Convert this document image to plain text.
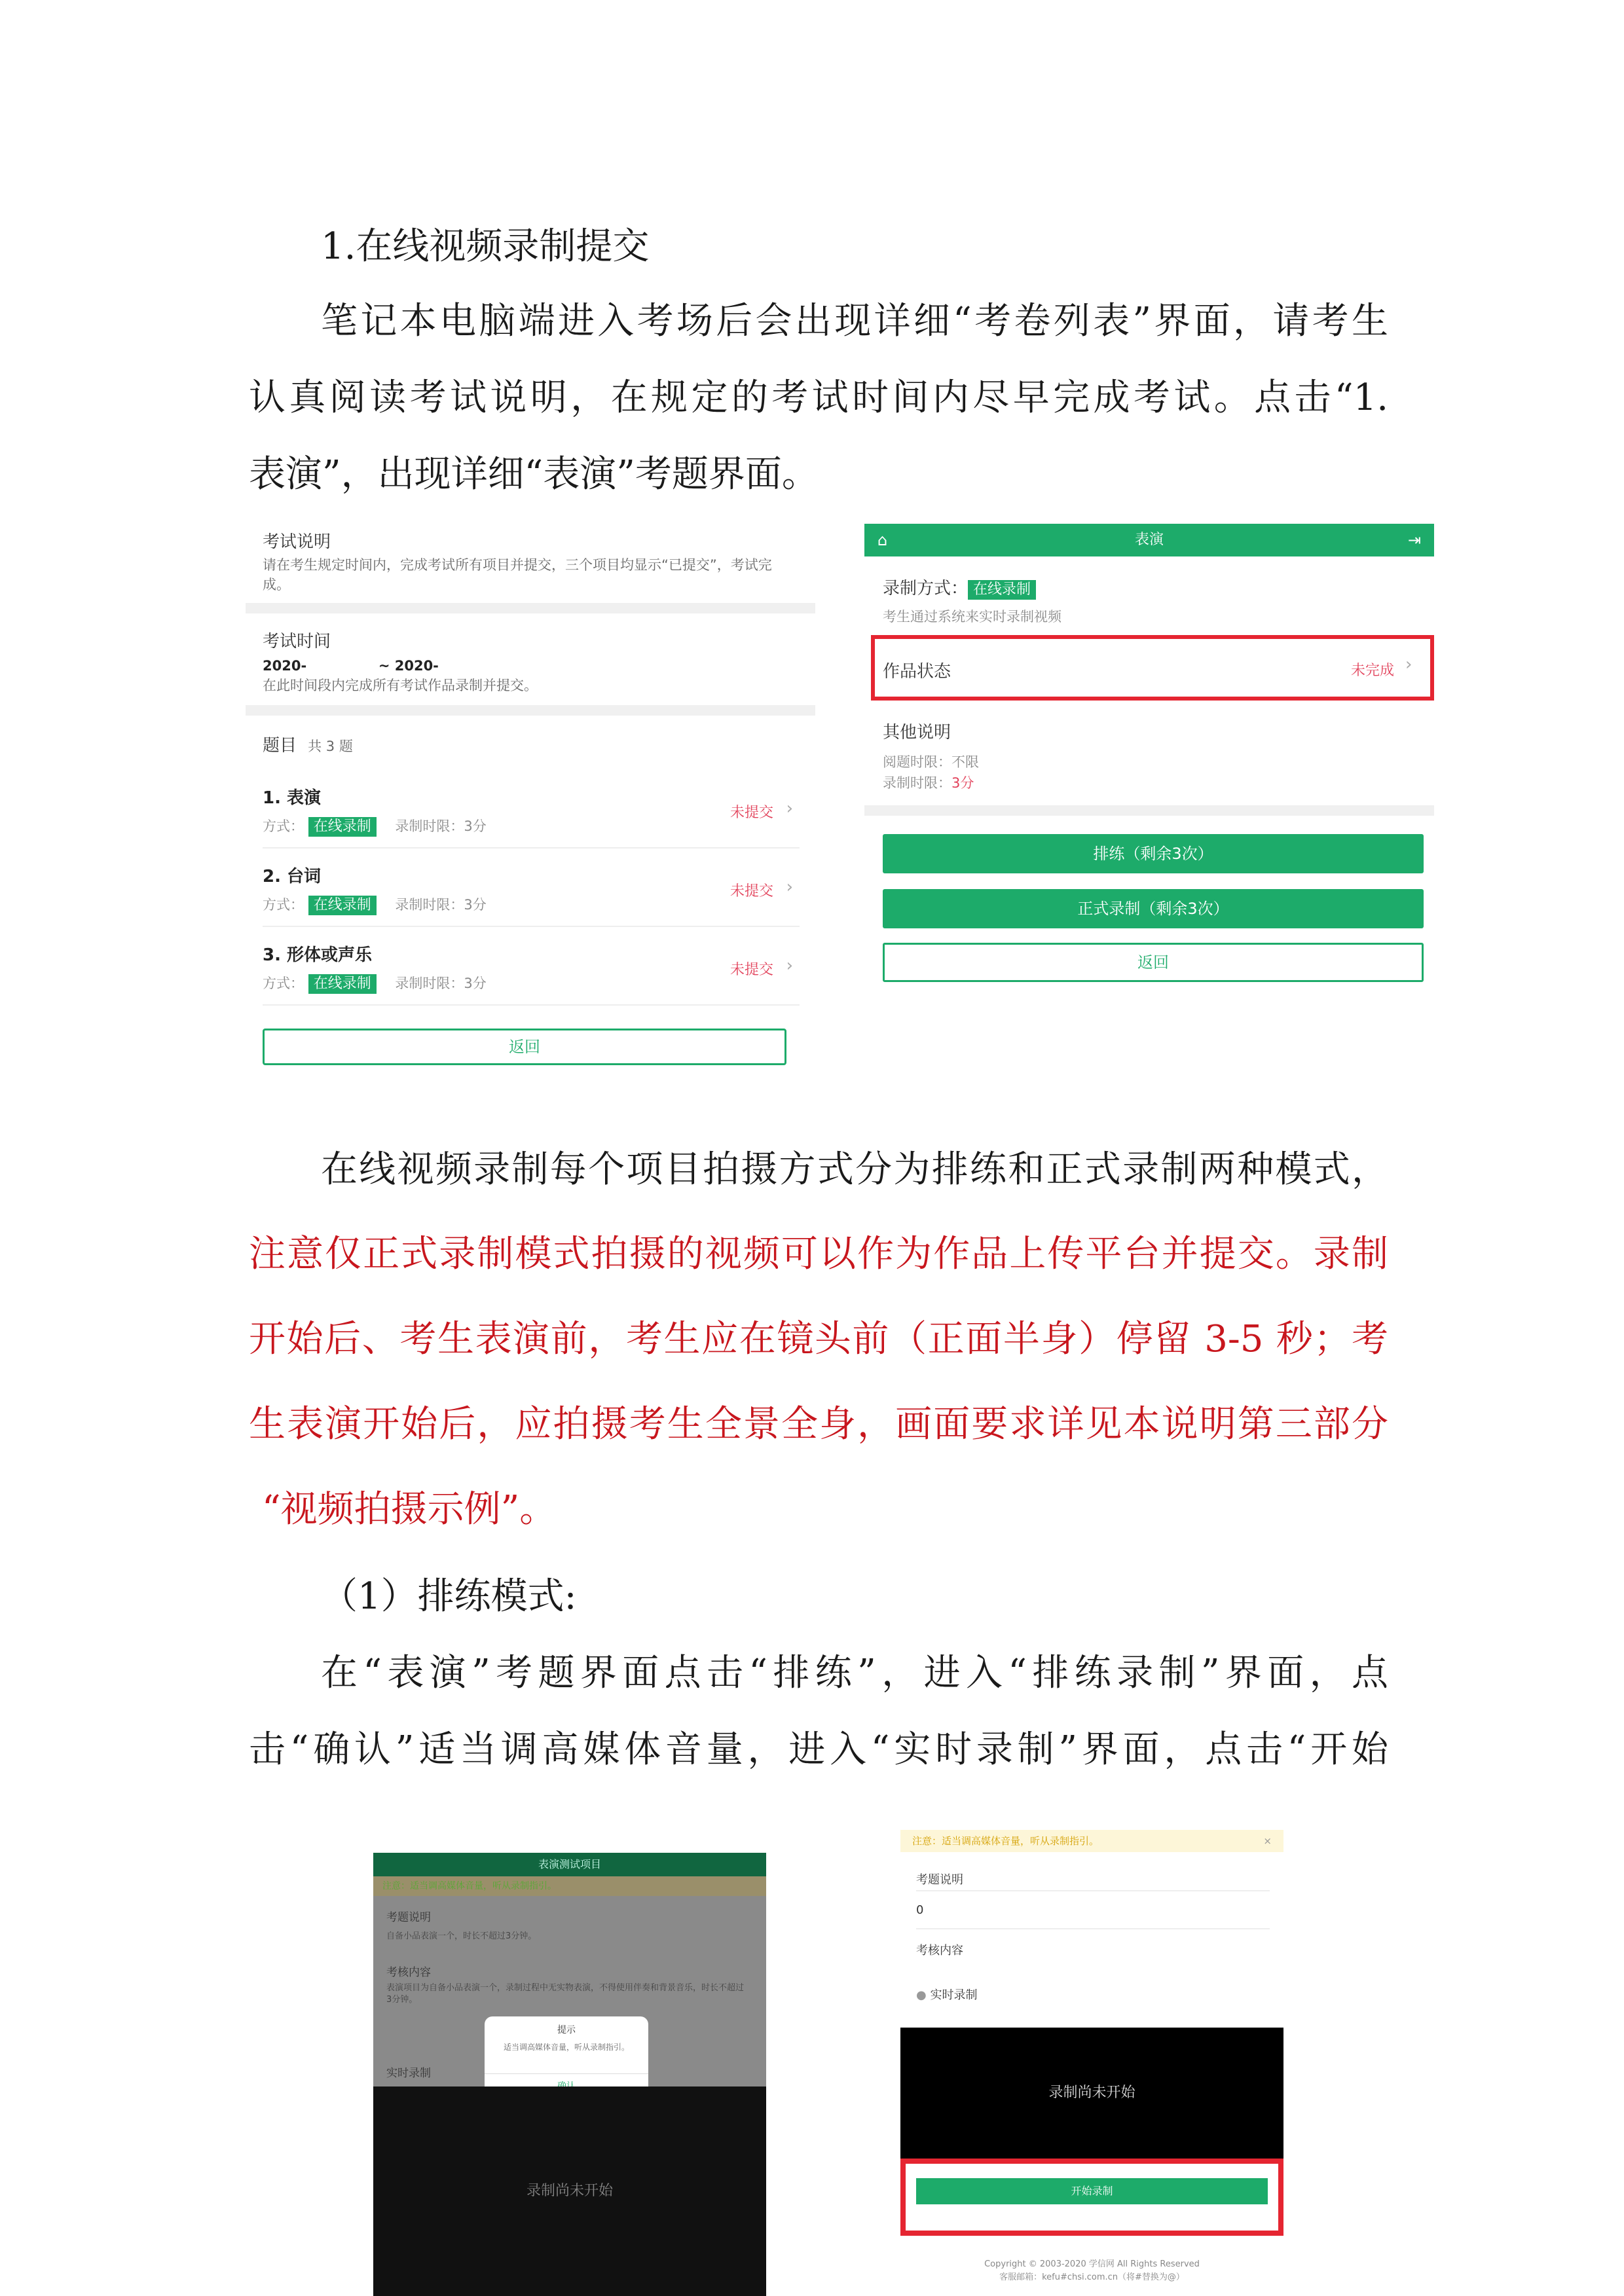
1.在线视频录制提交
笔记本电脑端进入考场后会出现详细“考卷列表”界面，请考生
认真阅读考试说明，在规定的考试时间内尽早完成考试。点击“1.
表演”，出现详细“表演”考题界面。
考试说明
请在考生规定时间内，完成考试所有项目并提交，三个项目均显示“已提交”，考试完成。
考试时间
2020-               ~ 2020-
在此时间段内完成所有考试作品录制并提交。
题目 共 3 题
1. 表演
方式： 在线录制 录制时限：3分
未提交 ›
2. 台词
方式： 在线录制 录制时限：3分
未提交 ›
3. 形体或声乐
方式： 在线录制 录制时限：3分
未提交 ›
返回
⌂	表演	⇥
录制方式： 在线录制
考生通过系统来实时录制视频
作品状态	未完成 ›
其他说明
阅题时限：不限
录制时限：3分
排练（剩余3次）
正式录制（剩余3次）
返回
在线视频录制每个项目拍摄方式分为排练和正式录制两种模式，
注意仅正式录制模式拍摄的视频可以作为作品上传平台并提交。录制
开始后、考生表演前，考生应在镜头前（正面半身）停留 3-5 秒；考
生表演开始后，应拍摄考生全景全身，画面要求详见本说明第三部分
“视频拍摄示例”。
（1）排练模式:
在“表演”考题界面点击“排练”，进入“排练录制”界面，点
击“确认”适当调高媒体音量，进入“实时录制”界面，点击“开始
表演测试项目
注意：适当调高媒体音量，听从录制指引。
考题说明
自备小品表演一个，时长不超过3分钟。
考核内容
表演项目为自备小品表演一个，录制过程中无实物表演，不得使用伴奏和背景音乐，时长不超过3分钟。
实时录制
提示
适当调高媒体音量，听从录制指引。
录制尚未开始
注意：适当调高媒体音量，听从录制指引。	×
考题说明
0
考核内容
● 实时录制
录制尚未开始
开始录制
Copyright © 2003-2020 学信网 All Rights Reserved
客服邮箱：kefu#chsi.com.cn（将#替换为@）
